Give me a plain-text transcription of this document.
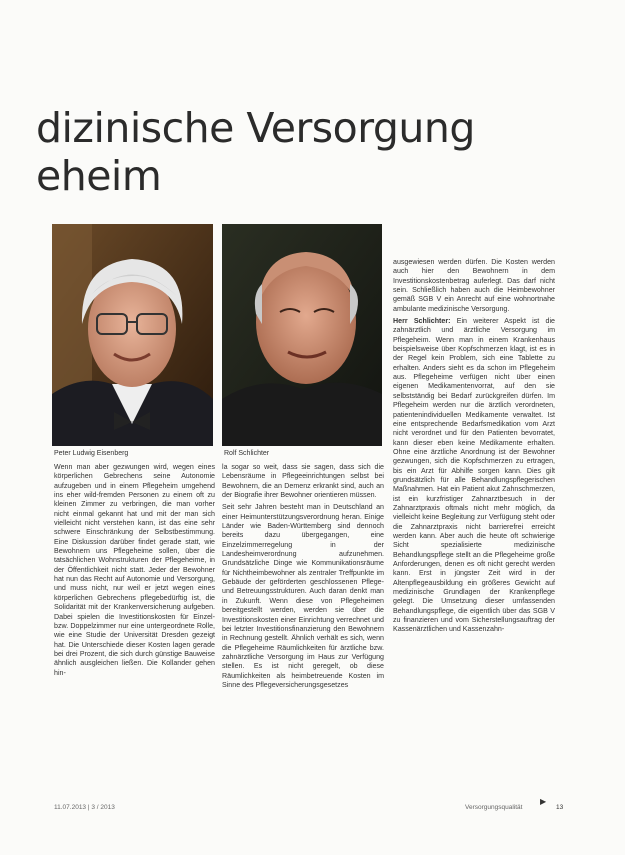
dizinische Versorgung
eheim
Peter Ludwig Eisenberg	Rolf Schlichter

Wenn man aber gezwungen wird, wegen eines körperlichen Gebrechens seine Autonomie aufzugeben und in einem Pflegeheim umgehend ins eher wild-fremden Personen zu einem oft zu kleinen Zimmer zu verbringen, die man vorher nicht einmal gekannt hat und mit der man sich vielleicht nicht verstehen kann, ist das eine sehr schwere Einschränkung der Selbstbestimmung. Eine Diskussion darüber findet gerade statt, wie Bewohnern uns Pflegeheime sollen, über die tatsächlichen Wohnstrukturen der Pflegeheime, in der Öffentlichkeit nicht statt. Jeder der Bewohner hat nun das Recht auf Autonomie und Versorgung, und muss nicht, nur weil er jetzt wegen eines körperlichen Gebrechens pflegebedürftig ist, die Solidarität mit der Krankenversicherung aufgeben. Dabei spielen die Investitionskosten für Einzel- bzw. Doppelzimmer nur eine untergeordnete Rolle, wie eine Studie der Universität Dresden gezeigt hat. Die Unterschiede dieser Kosten lagen gerade bei drei Prozent, die sich durch günstige Bauweise ähnlich ausgleichen ließen. Die Kollander gehen hin-

la sogar so weit, dass sie sagen, dass sich die Lebensräume in Pflegeeinrichtungen selbst bei Bewohnern, die an Demenz erkrankt sind, auch an der Biografie ihrer Bewohner orientieren müssen.

Seit sehr Jahren besteht man in Deutschland an einer Heimunterstützungsverordnung heran. Einige Länder wie Baden-Württemberg sind dennoch bereits dazu übergegangen, eine Einzelzimmerregelung in der Landesheimverordnung aufzunehmen. Grundsätzliche Dinge wie Kommunikationsräume für Nichtheimbewohner als zentraler Treffpunkte im Gebäude der geförderten geschlossenen Pflege- und Betreuungsstrukturen. Auch daran denkt man in Zukunft. Wenn diese von Pflegeheimen bereitgestellt werden, werden sie über die Investitionskosten einer Einrichtung verrechnet und bei letzter Investitionsfinanzierung den Bewohnern in Rechnung gestellt. Ähnlich verhält es sich, wenn die Pflegeheime Räumlichkeiten für ärztliche bzw. zahnärztliche Versorgung im Haus zur Verfügung stellen. Es ist nicht geregelt, ob diese Räumlichkeiten als heimbetreuende Kosten im Sinne des Pflegeversicherungsgesetzes

ausgewiesen werden dürfen. Die Kosten werden auch hier den Bewohnern in dem Investitionskostenbetrag auferlegt. Das darf nicht sein. Schließlich haben auch die Heimbewohner gemäß SGB V ein Anrecht auf eine wohnortnahe ambulante medizinische Versorgung.

Herr Schlichter: Ein weiterer Aspekt ist die zahnärztlich und ärztliche Versorgung im Pflegeheim. Wenn man in einem Krankenhaus beispielsweise über Kopfschmerzen klagt, ist es in der Regel kein Problem, sich eine Tablette zu erhalten. Anders sieht es da schon im Pflegeheim aus. Pflegeheime verfügen nicht über einen eigenen Medikamentenvorrat, auf den sie selbstständig bei Bedarf zurückgreifen dürfen. Im Pflegeheim werden nur die ärztlich verordneten, patientenindividuellen Medikamente verwaltet. Ist eine entsprechende Bedarfsmedikation vom Arzt nicht verordnet und für den Patienten bevorratet, kann dieser eben keine Medikamente erhalten. Ohne eine ärztliche Anordnung ist der Bewohner gezwungen, sich die Kopfschmerzen zu ertragen, bis ein Arzt für Abhilfe sorgen kann. Dies gilt grundsätzlich für alle Behandlungspflegerischen Maßnahmen. Hat ein Patient akut Zahnschmerzen, ist ein kurzfristiger Zahnarztbesuch in der Zahnarztpraxis oftmals nicht mehr möglich, da vielleicht keine Begleitung zur Verfügung steht oder die Zahnarztpraxis nicht barrierefrei erreicht werden kann. Aber auch die heute oft schwierige Sicht spezialisierte medizinische Behandlungspflege stellt an die Pflegeheime große Anforderungen, denen es oft nicht gerecht werden kann. Erst in jüngster Zeit wird in der Altenpflegeausbildung ein größeres Gewicht auf medizinische Grundlagen der Krankenpflege gelegt. Die Umsetzung dieser umfassenden Behandlungspflege, die eigentlich über das SGB V zu finanzieren und vom Sicherstellungsauftrag der Kassenärztlichen und Kassenzahn-

▶
11.07.2013 | 3 / 2013	Versorgungsqualität	13
